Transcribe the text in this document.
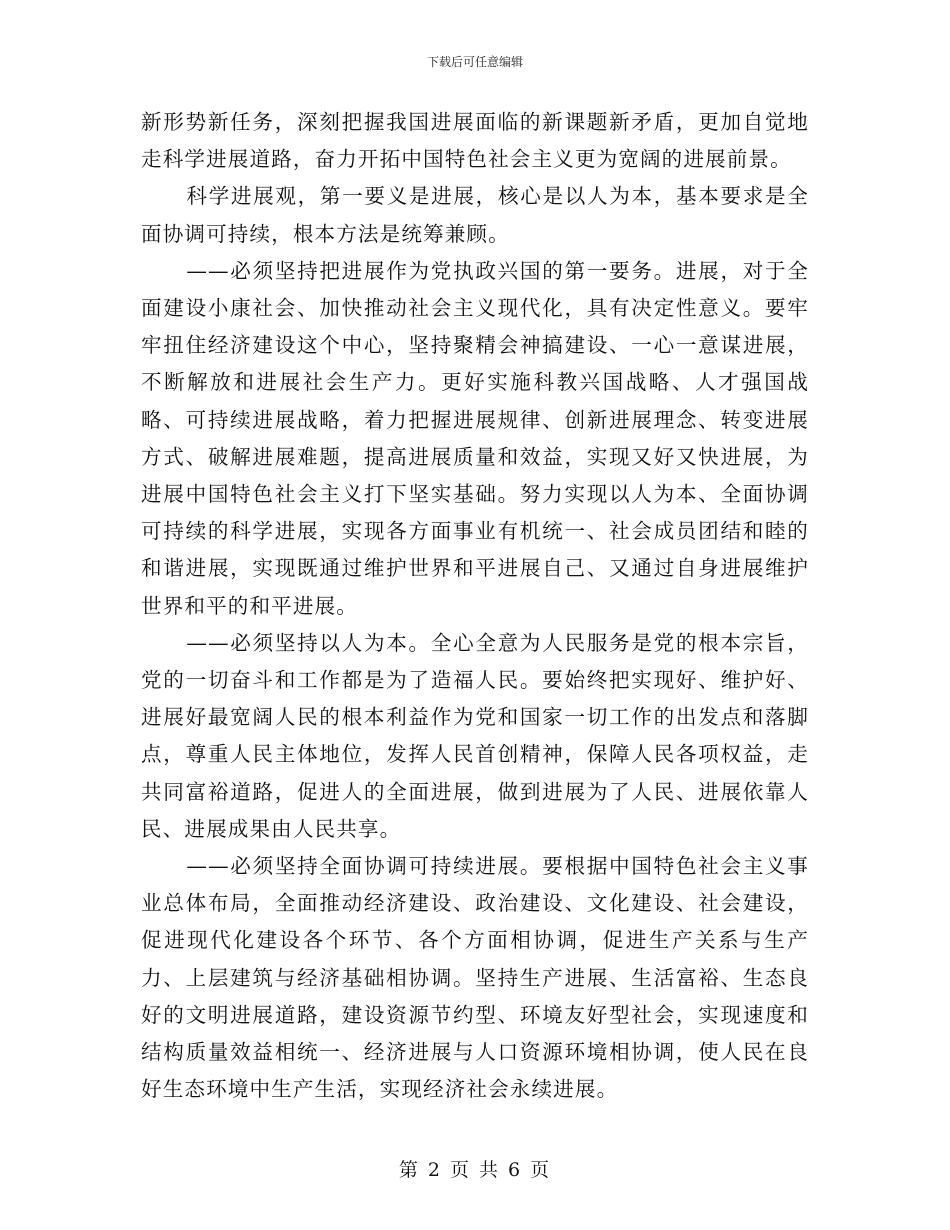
下载后可任意编辑

新形势新任务，深刻把握我国进展面临的新课题新矛盾，更加自觉地走科学进展道路，奋力开拓中国特色社会主义更为宽阔的进展前景。

科学进展观，第一要义是进展，核心是以人为本，基本要求是全面协调可持续，根本方法是统筹兼顾。

——必须坚持把进展作为党执政兴国的第一要务。进展，对于全面建设小康社会、加快推动社会主义现代化，具有决定性意义。要牢牢扭住经济建设这个中心，坚持聚精会神搞建设、一心一意谋进展，不断解放和进展社会生产力。更好实施科教兴国战略、人才强国战略、可持续进展战略，着力把握进展规律、创新进展理念、转变进展方式、破解进展难题，提高进展质量和效益，实现又好又快进展，为进展中国特色社会主义打下坚实基础。努力实现以人为本、全面协调可持续的科学进展，实现各方面事业有机统一、社会成员团结和睦的和谐进展，实现既通过维护世界和平进展自己、又通过自身进展维护世界和平的和平进展。

——必须坚持以人为本。全心全意为人民服务是党的根本宗旨，党的一切奋斗和工作都是为了造福人民。要始终把实现好、维护好、进展好最宽阔人民的根本利益作为党和国家一切工作的出发点和落脚点，尊重人民主体地位，发挥人民首创精神，保障人民各项权益，走共同富裕道路，促进人的全面进展，做到进展为了人民、进展依靠人民、进展成果由人民共享。

——必须坚持全面协调可持续进展。要根据中国特色社会主义事业总体布局，全面推动经济建设、政治建设、文化建设、社会建设，促进现代化建设各个环节、各个方面相协调，促进生产关系与生产力、上层建筑与经济基础相协调。坚持生产进展、生活富裕、生态良好的文明进展道路，建设资源节约型、环境友好型社会，实现速度和结构质量效益相统一、经济进展与人口资源环境相协调，使人民在良好生态环境中生产生活，实现经济社会永续进展。

第 2 页 共 6 页
